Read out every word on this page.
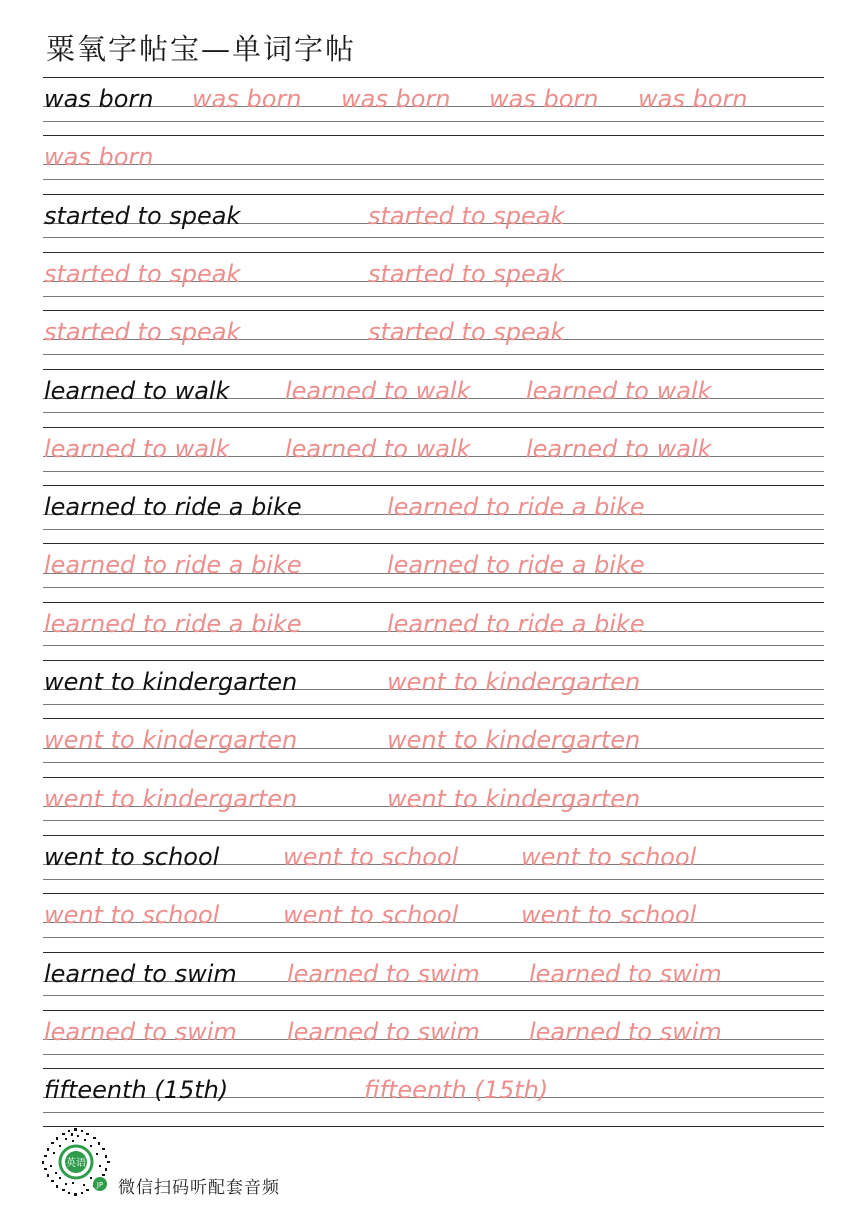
粟氧字帖宝—单词字帖
was born was born was born was born was born
was born
started to speak	started to speak
started to speak	started to speak
started to speak	started to speak
learned to walk learned to walk learned to walk
learned to walk learned to walk learned to walk
learned to ride a bike	learned to ride a bike
learned to ride a bike	learned to ride a bike
learned to ride a bike	learned to ride a bike
went to kindergarten	went to kindergarten
went to kindergarten	went to kindergarten
went to kindergarten	went to kindergarten
went to school	went to school	went to school
went to school	went to school	went to school
learned to swim learned to swim learned to swim
learned to swim learned to swim learned to swim
fifteenth (15th)	fifteenth (15th)
英语
JP 微信扫码听配套音频
